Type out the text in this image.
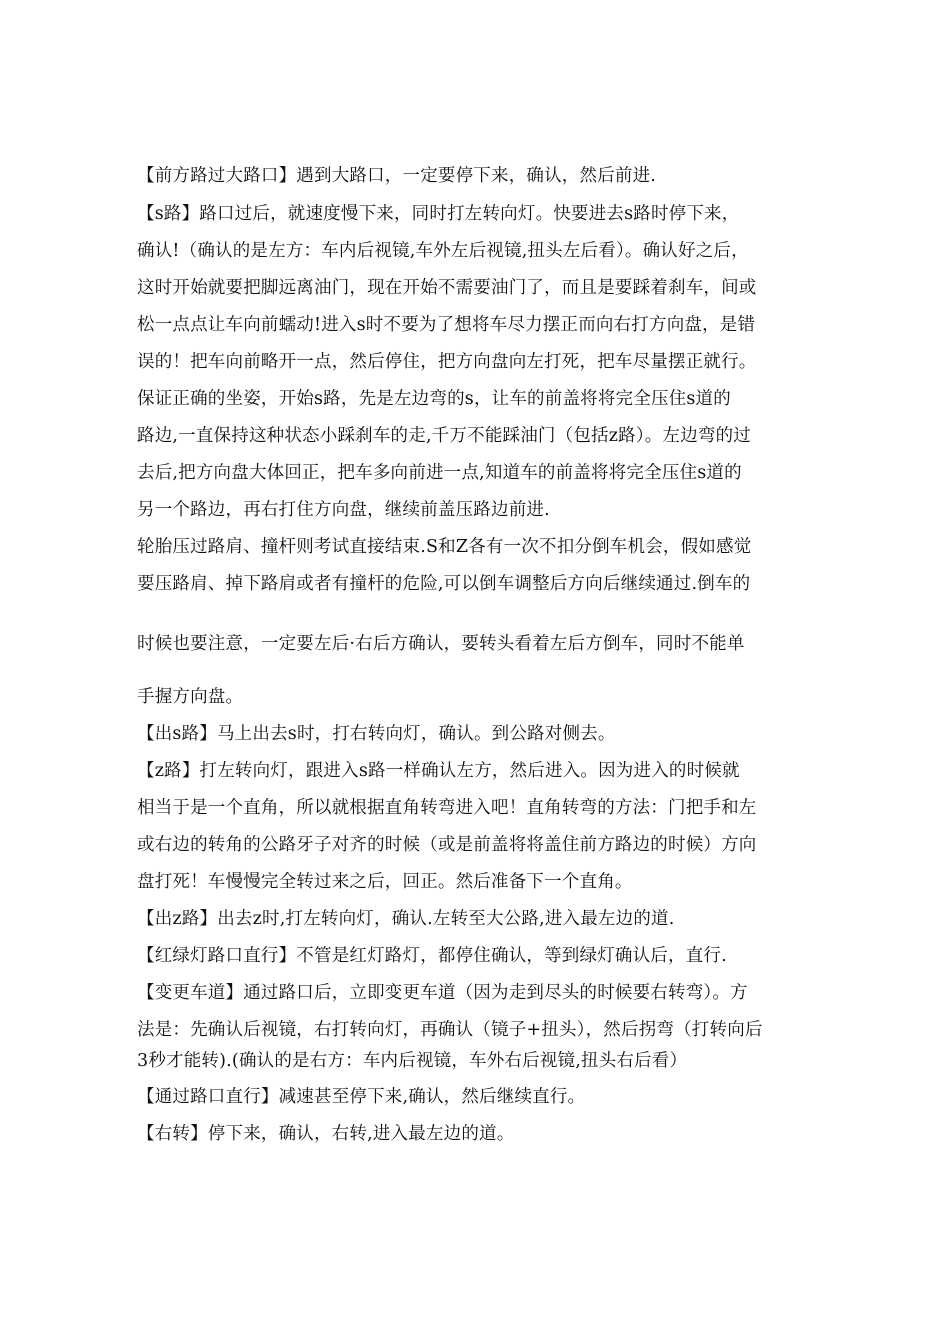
【前方路过大路口】遇到大路口，一定要停下来，确认，然后前进.
【s路】路口过后，就速度慢下来，同时打左转向灯。快要进去s路时停下来，
确认!（确认的是左方：车内后视镜,车外左后视镜,扭头左后看）。确认好之后，
这时开始就要把脚远离油门，现在开始不需要油门了，而且是要踩着刹车，间或
松一点点让车向前蠕动!进入s时不要为了想将车尽力摆正而向右打方向盘，是错
误的！把车向前略开一点，然后停住，把方向盘向左打死，把车尽量摆正就行。
保证正确的坐姿，开始s路，先是左边弯的s，让车的前盖将将完全压住s道的
路边,一直保持这种状态小踩刹车的走,千万不能踩油门（包括z路）。左边弯的过
去后,把方向盘大体回正，把车多向前进一点,知道车的前盖将将完全压住s道的
另一个路边，再右打住方向盘，继续前盖压路边前进.
轮胎压过路肩、撞杆则考试直接结束.S和Z各有一次不扣分倒车机会，假如感觉
要压路肩、掉下路肩或者有撞杆的危险,可以倒车调整后方向后继续通过.倒车的
时候也要注意，一定要左后·右后方确认，要转头看着左后方倒车，同时不能单
手握方向盘。
【出s路】马上出去s时，打右转向灯，确认。到公路对侧去。
【z路】打左转向灯，跟进入s路一样确认左方，然后进入。因为进入的时候就
相当于是一个直角，所以就根据直角转弯进入吧！直角转弯的方法：门把手和左
或右边的转角的公路牙子对齐的时候（或是前盖将将盖住前方路边的时候）方向
盘打死！车慢慢完全转过来之后，回正。然后准备下一个直角。
【出z路】出去z时,打左转向灯，确认.左转至大公路,进入最左边的道.
【红绿灯路口直行】不管是红灯路灯，都停住确认，等到绿灯确认后，直行.
【变更车道】通过路口后，立即变更车道（因为走到尽头的时候要右转弯）。方
法是：先确认后视镜，右打转向灯，再确认（镜子+扭头），然后拐弯（打转向后
3秒才能转).(确认的是右方：车内后视镜，车外右后视镜,扭头右后看）
【通过路口直行】减速甚至停下来,确认，然后继续直行。
【右转】停下来，确认，右转,进入最左边的道。
